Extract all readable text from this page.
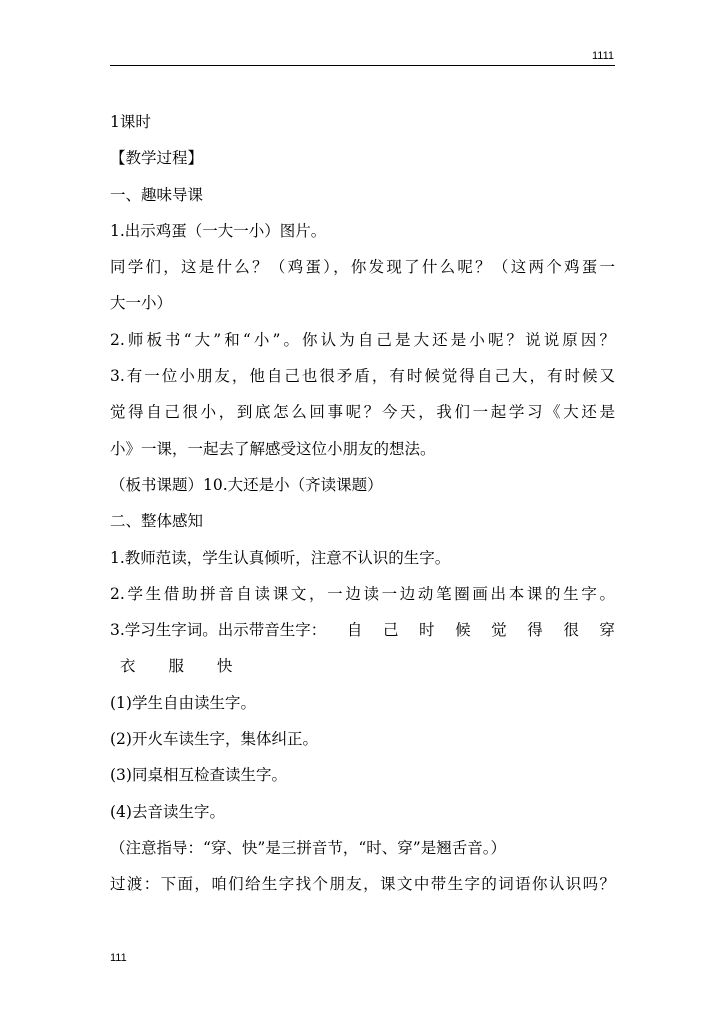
1111
1课时
【教学过程】
一、趣味导课
1.出示鸡蛋（一大一小）图片。
同学们，这是什么？（鸡蛋），你发现了什么呢？（这两个鸡蛋一
大一小）
2.师板书“大”和“小”。你认为自己是大还是小呢？说说原因？
3.有一位小朋友，他自己也很矛盾，有时候觉得自己大，有时候又
觉得自己很小，到底怎么回事呢？今天，我们一起学习《大还是
小》一课，一起去了解感受这位小朋友的想法。
（板书课题）10.大还是小（齐读课题）
二、整体感知
1.教师范读，学生认真倾听，注意不认识的生字。
2.学生借助拼音自读课文，一边读一边动笔圈画出本课的生字。
3.学习生字词。出示带音生字： 自 己 时 候 觉 得 很 穿
衣 服 快
(1)学生自由读生字。
(2)开火车读生字，集体纠正。
(3)同桌相互检查读生字。
(4)去音读生字。
（注意指导：“穿、快”是三拼音节，“时、穿”是翘舌音。）
过渡：下面，咱们给生字找个朋友，课文中带生字的词语你认识吗？
111
